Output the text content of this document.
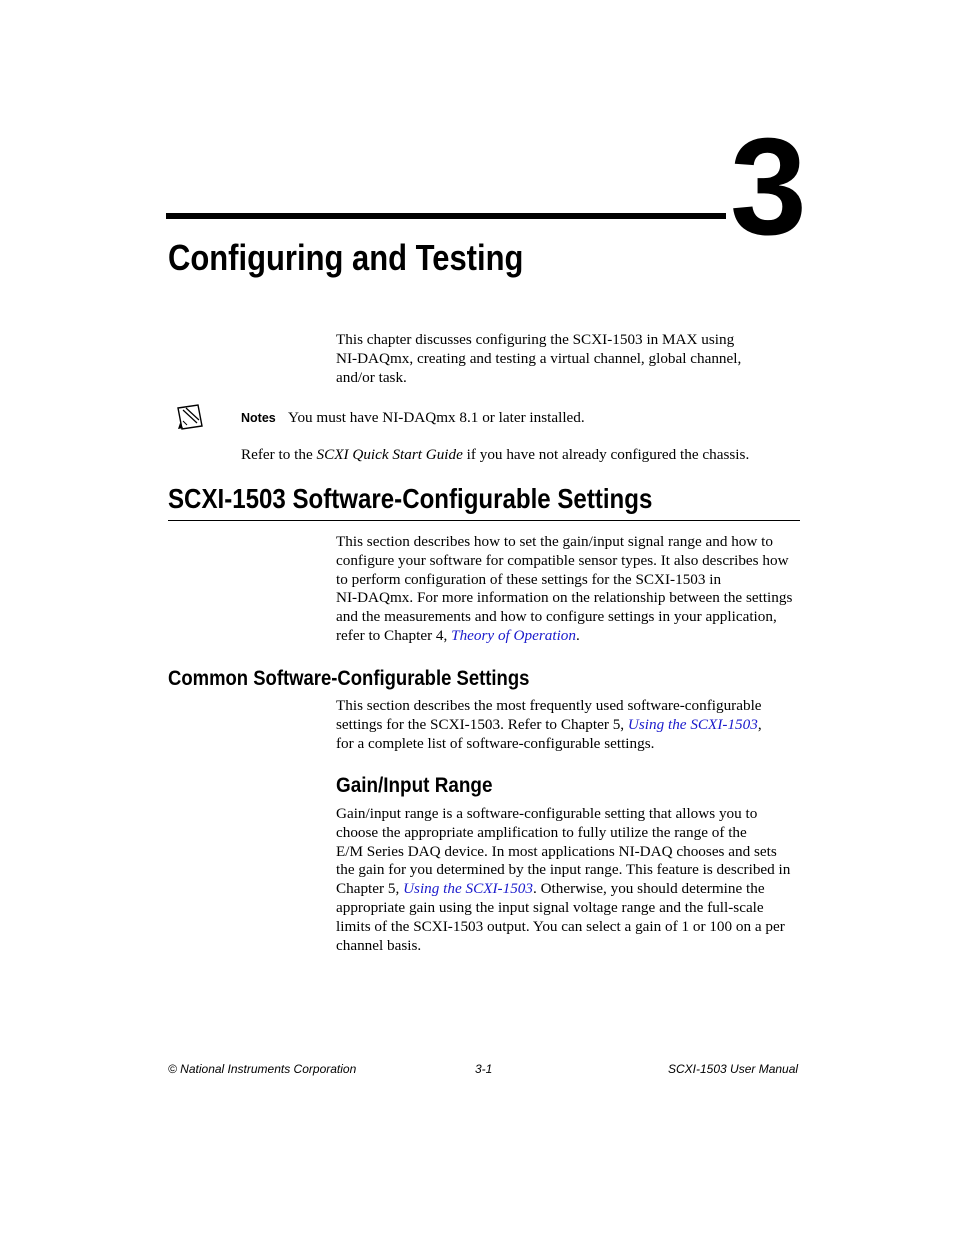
3
Configuring and Testing
This chapter discusses configuring the SCXI-1503 in MAX using
NI-DAQmx, creating and testing a virtual channel, global channel,
and/or task.
Notes You must have NI-DAQmx 8.1 or later installed.
Refer to the SCXI Quick Start Guide if you have not already configured the chassis.
SCXI-1503 Software-Configurable Settings
This section describes how to set the gain/input signal range and how to
configure your software for compatible sensor types. It also describes how
to perform configuration of these settings for the SCXI-1503 in
NI-DAQmx. For more information on the relationship between the settings
and the measurements and how to configure settings in your application,
refer to Chapter 4, Theory of Operation.
Common Software-Configurable Settings
This section describes the most frequently used software-configurable
settings for the SCXI-1503. Refer to Chapter 5, Using the SCXI-1503,
for a complete list of software-configurable settings.
Gain/Input Range
Gain/input range is a software-configurable setting that allows you to
choose the appropriate amplification to fully utilize the range of the
E/M Series DAQ device. In most applications NI-DAQ chooses and sets
the gain for you determined by the input range. This feature is described in
Chapter 5, Using the SCXI-1503. Otherwise, you should determine the
appropriate gain using the input signal voltage range and the full-scale
limits of the SCXI-1503 output. You can select a gain of 1 or 100 on a per
channel basis.
© National Instruments Corporation	3-1	SCXI-1503 User Manual
